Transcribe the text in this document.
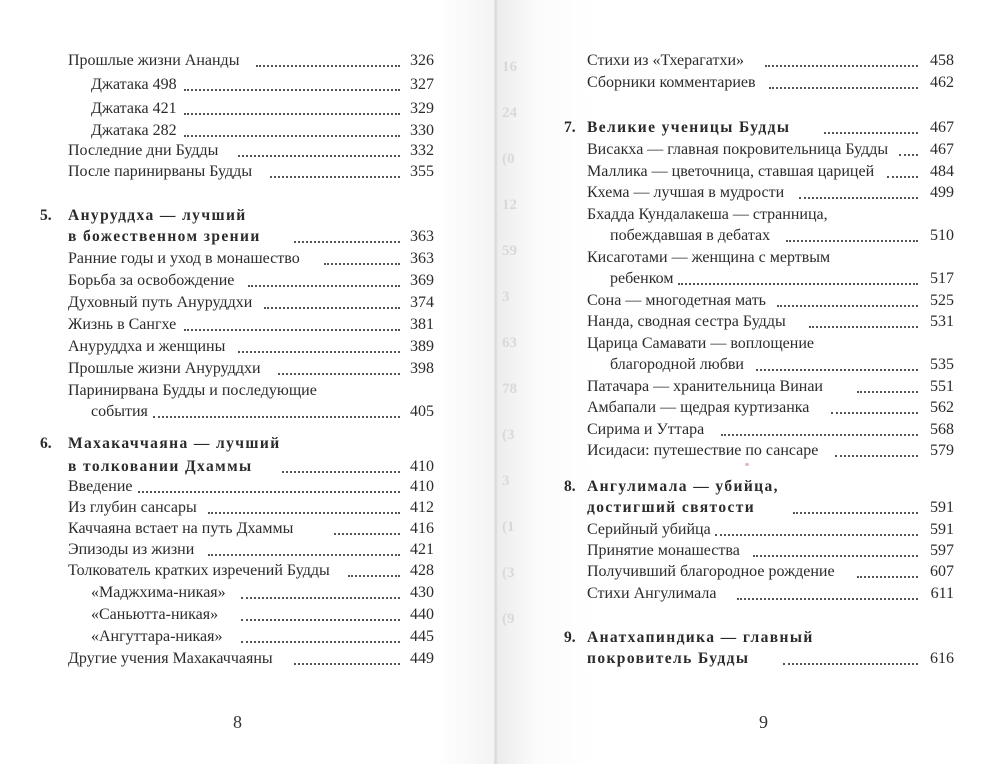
16
24
(0
12
59
3
63
78
(3
3
(1
(3
(9
Прошлые жизни Ананды	326
Джатака 498	327
Джатака 421	329
Джатака 282	330
Последние дни Будды	332
После паринирваны Будды	355
5. Ануруддха — лучший
в божественном зрении	363
Ранние годы и уход в монашество	363
Борьба за освобождение	369
Духовный путь Ануруддхи	374
Жизнь в Сангхе	381
Ануруддха и женщины	389
Прошлые жизни Ануруддхи	398
Паринирвана Будды и последующие
события	405
6. Махакаччаяна — лучший
в толковании Дхаммы	410
Введение	410
Из глубин сансары	412
Каччаяна встает на путь Дхаммы	416
Эпизоды из жизни	421
Толкователь кратких изречений Будды	428
«Маджхима-никая»	430
«Саньютта-никая»	440
«Ангуттара-никая»	445
Другие учения Махакаччаяны	449
8
Стихи из «Тхерагатхи»	458
Сборники комментариев	462
7. Великие ученицы Будды	467
Висакха — главная покровительница Будды	467
Маллика — цветочница, ставшая царицей	484
Кхема — лучшая в мудрости	499
Бхадда Кундалакеша — странница,
побеждавшая в дебатах	510
Кисаготами — женщина с мертвым
ребенком	517
Сона — многодетная мать	525
Нанда, сводная сестра Будды	531
Царица Самавати — воплощение
благородной любви	535
Патачара — хранительница Винаи	551
Амбапали — щедрая куртизанка	562
Сирима и Уттара	568
Исидаси: путешествие по сансаре	579
8. Ангулимала — убийца,
достигший святости	591
Серийный убийца	591
Принятие монашества	597
Получивший благородное рождение	607
Стихи Ангулимала	611
9. Анатхапиндика — главный
покровитель Будды	616
9
